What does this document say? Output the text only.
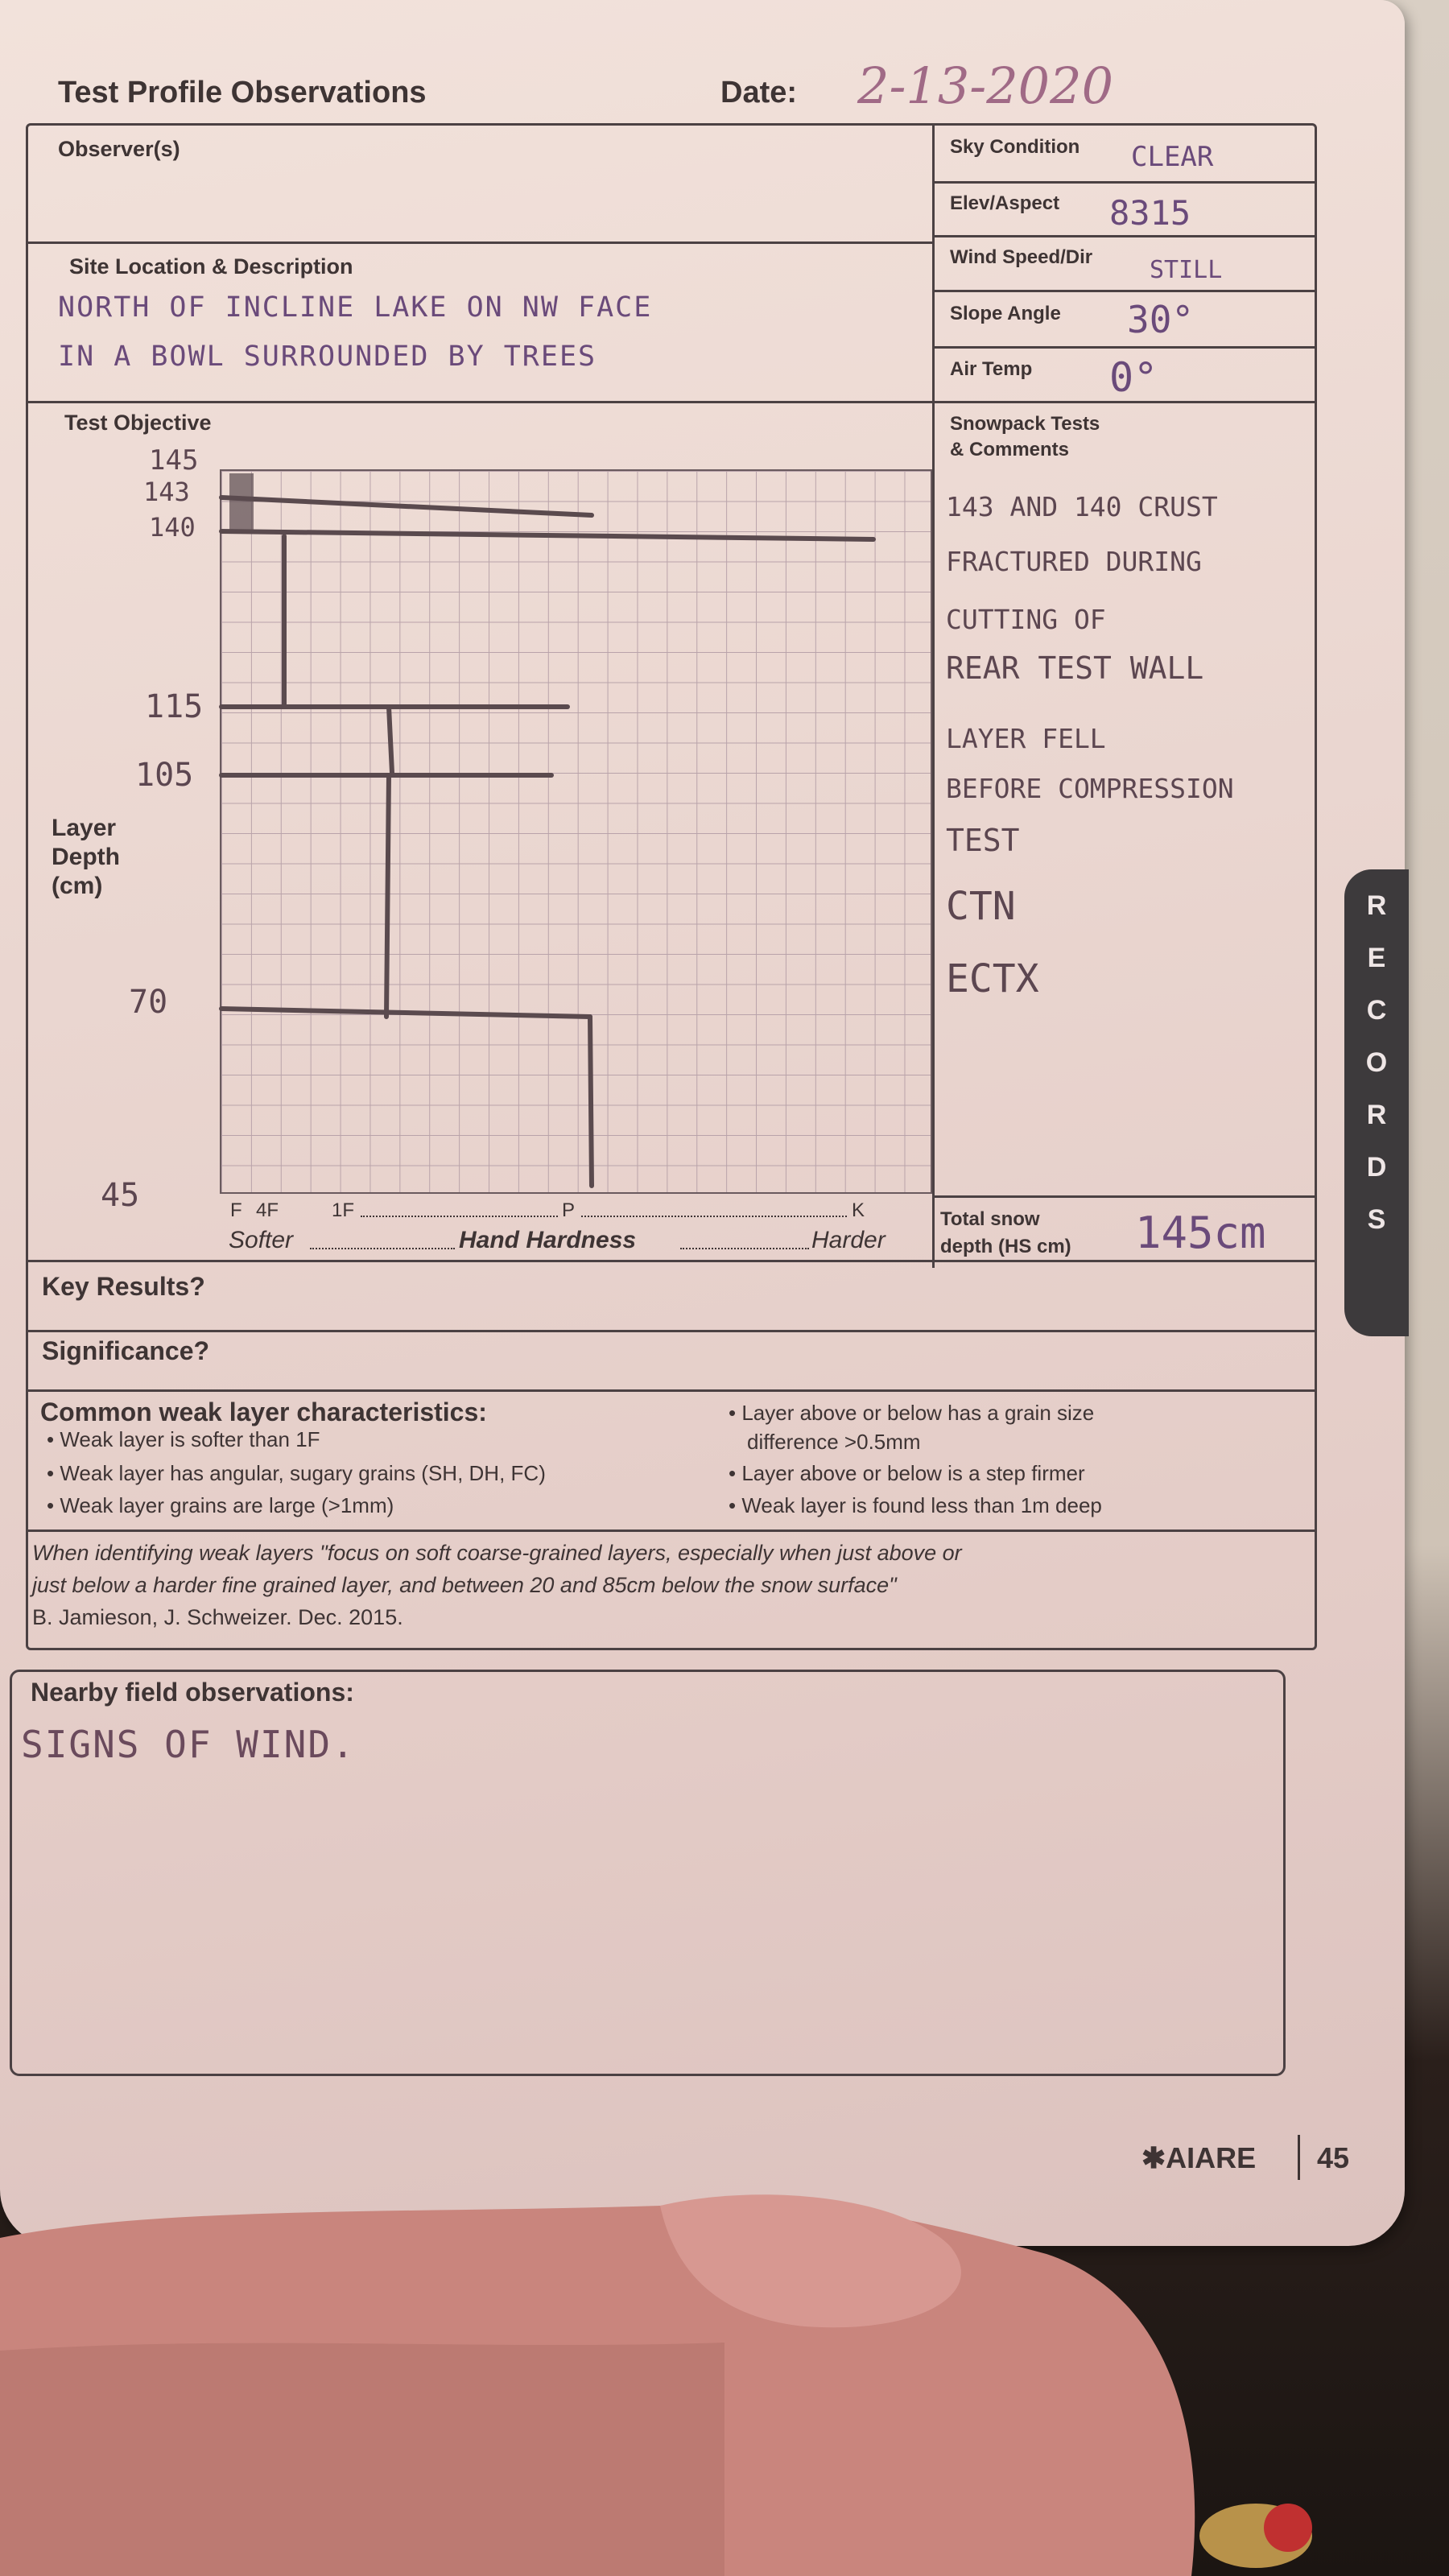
Test Profile Observations	Date: 2-13-2020
Observer(s)
Site Location & Description
NORTH OF INCLINE LAKE ON NW FACE
IN A BOWL SURROUNDED BY TREES
Test Objective
Sky Condition CLEAR
Elev/Aspect 8315
Wind Speed/Dir STILL
Slope Angle 30°
Air Temp 0°
Snowpack Tests
& Comments
Layer
Depth
(cm)
145
143
140
115
105
70
45	F 4F	1F	P	K
Softer	Hand Hardness	Harder
Total snow
depth (HS cm) 145cm
143 AND 140 CRUST
FRACTURED DURING
CUTTING OF
REAR TEST WALL
LAYER FELL
BEFORE COMPRESSION
TEST
CTN
ECTX
Key Results?
Significance?
Common weak layer characteristics:
• Weak layer is softer than 1F
• Weak layer has angular, sugary grains (SH, DH, FC)
• Weak layer grains are large (>1mm)
• Layer above or below has a grain size
difference >0.5mm
• Layer above or below is a step firmer
• Weak layer is found less than 1m deep
When identifying weak layers "focus on soft coarse-grained layers, especially when just above or
just below a harder fine grained layer, and between 20 and 85cm below the snow surface"
B. Jamieson, J. Schweizer. Dec. 2015.
Nearby field observations:
SIGNS OF WIND.
R
E
C
O
R
D
S
✱AIARE 45
